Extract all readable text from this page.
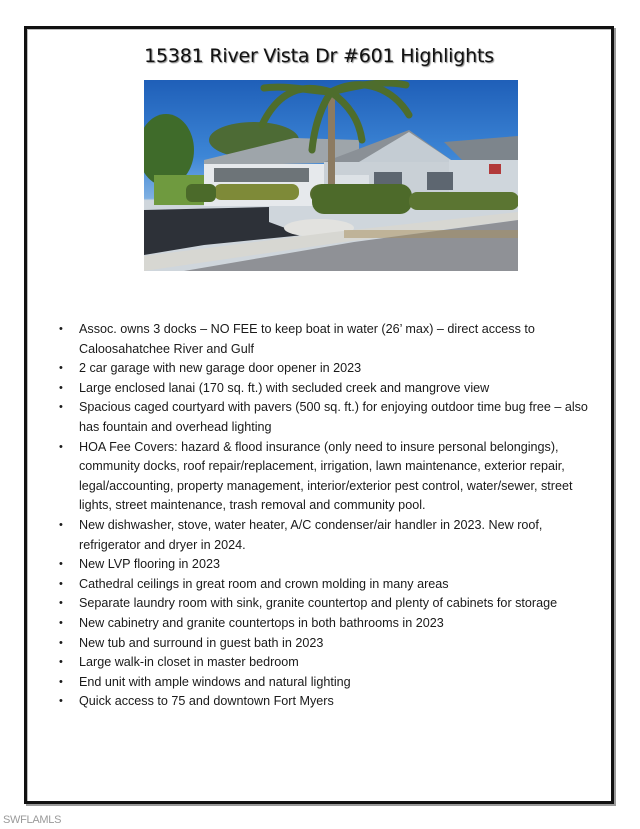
15381 River Vista Dr #601 Highlights
• Assoc. owns 3 docks – NO FEE to keep boat in water (26’ max) – direct access to Caloosahatchee River and Gulf
• 2 car garage with new garage door opener in 2023
• Large enclosed lanai (170 sq. ft.) with secluded creek and mangrove view
• Spacious caged courtyard with pavers (500 sq. ft.) for enjoying outdoor time bug free – also has fountain and overhead lighting
• HOA Fee Covers: hazard & flood insurance (only need to insure personal belongings), community docks, roof repair/replacement, irrigation, lawn maintenance, exterior repair, legal/accounting, property management, interior/exterior pest control, water/sewer, street lights, street maintenance, trash removal and community pool.
• New dishwasher, stove, water heater, A/C condenser/air handler in 2023. New roof, refrigerator and dryer in 2024.
• New LVP flooring in 2023
• Cathedral ceilings in great room and crown molding in many areas
• Separate laundry room with sink, granite countertop and plenty of cabinets for storage
• New cabinetry and granite countertops in both bathrooms in 2023
• New tub and surround in guest bath in 2023
• Large walk-in closet in master bedroom
• End unit with ample windows and natural lighting
• Quick access to 75 and downtown Fort Myers
SWFLAMLS
